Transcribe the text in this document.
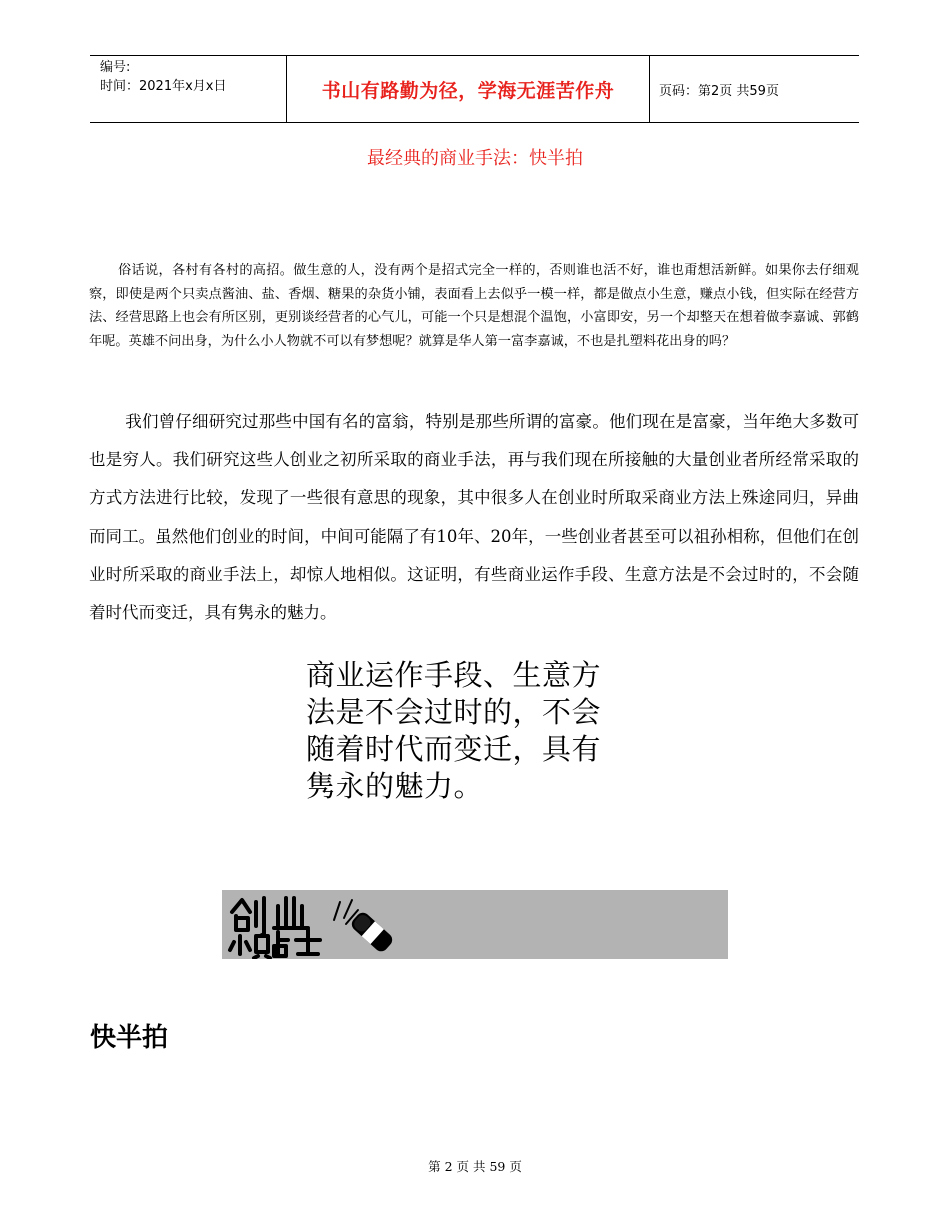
编号:
时间：2021年x月x日	书山有路勤为径，学海无涯苦作舟	页码：第2页 共59页
最经典的商业手法：快半拍

俗话说，各村有各村的高招。做生意的人，没有两个是招式完全一样的，否则谁也活不好，谁也甭想活新鲜。如果你去仔细观察，即使是两个只卖点酱油、盐、香烟、糖果的杂货小铺，表面看上去似乎一模一样，都是做点小生意，赚点小钱，但实际在经营方法、经营思路上也会有所区别，更别谈经营者的心气儿，可能一个只是想混个温饱，小富即安，另一个却整天在想着做李嘉诚、郭鹤年呢。英雄不问出身，为什么小人物就不可以有梦想呢？就算是华人第一富李嘉诚，不也是扎塑料花出身的吗？

我们曾仔细研究过那些中国有名的富翁，特别是那些所谓的富豪。他们现在是富豪，当年绝大多数可也是穷人。我们研究这些人创业之初所采取的商业手法，再与我们现在所接触的大量创业者所经常采取的方式方法进行比较，发现了一些很有意思的现象，其中很多人在创业时所取采商业方法上殊途同归，异曲而同工。虽然他们创业的时间，中间可能隔了有10年、20年，一些创业者甚至可以祖孙相称，但他们在创业时所采取的商业手法上，却惊人地相似。这证明，有些商业运作手段、生意方法是不会过时的，不会随着时代而变迁，具有隽永的魅力。

商业运作手段、生意方法是不会过时的，不会随着时代而变迁，具有隽永的魅力。

快半拍
第 2 页 共 59 页
